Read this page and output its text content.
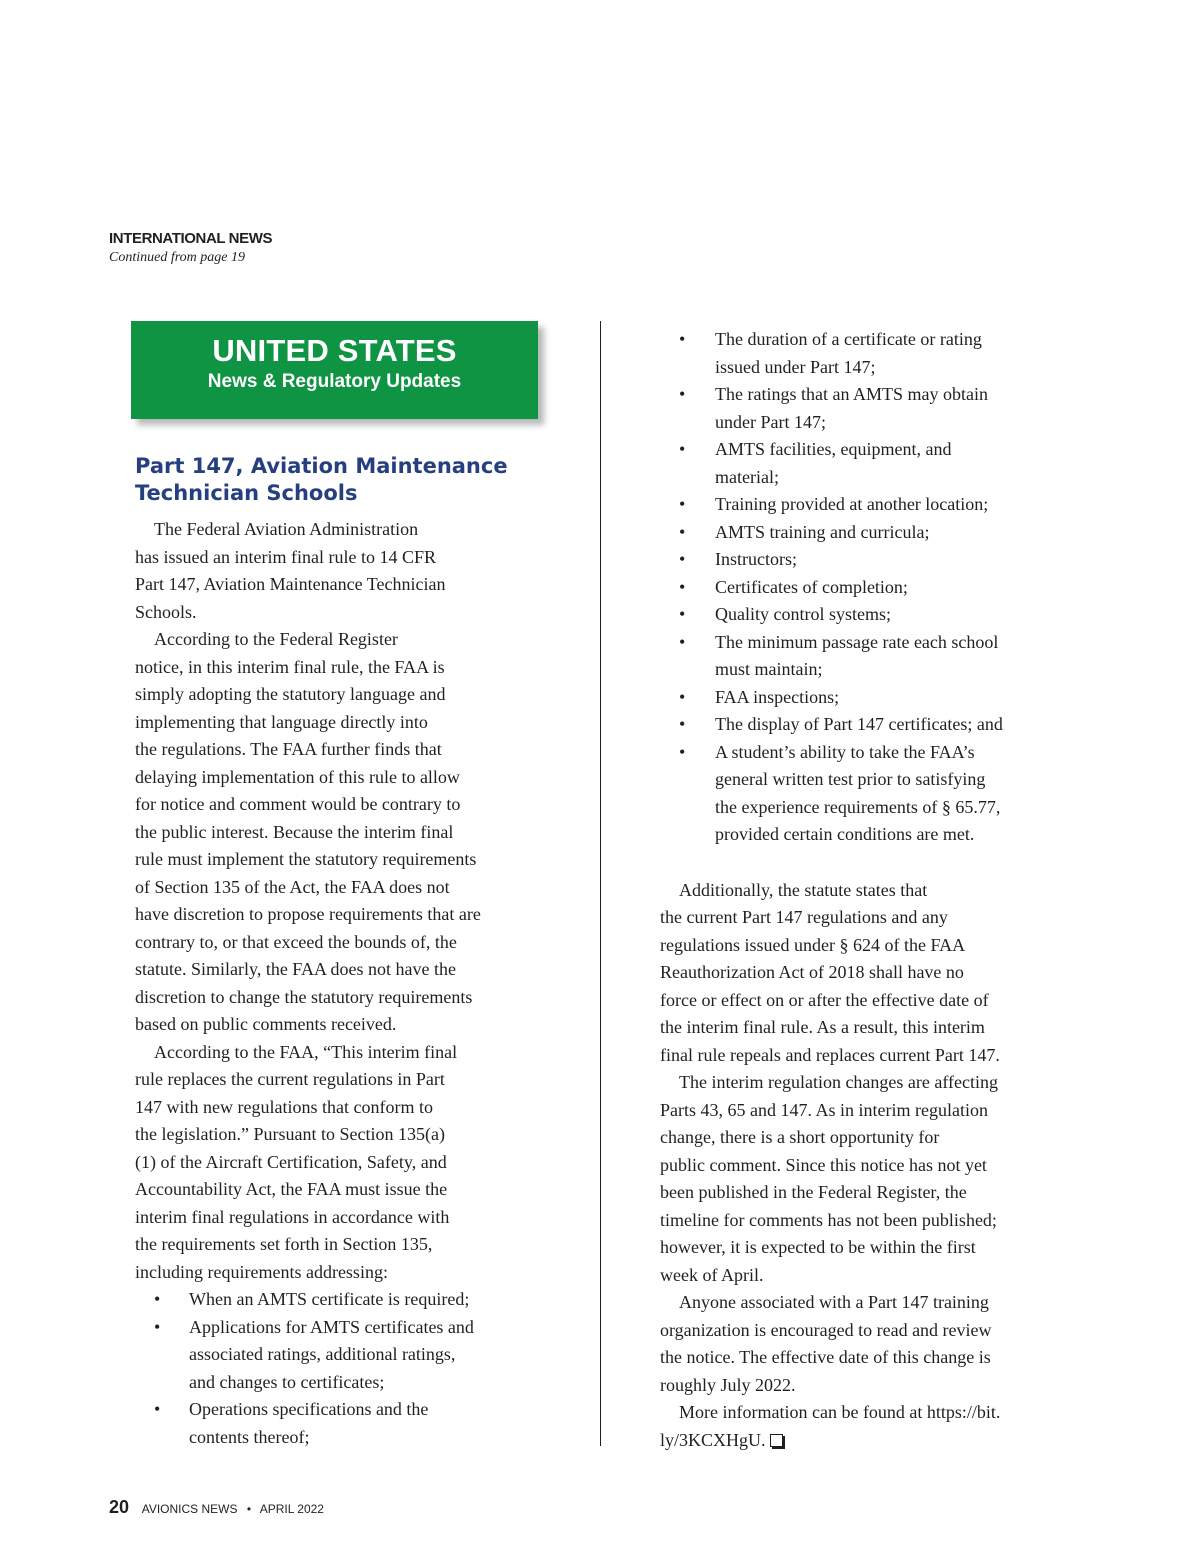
INTERNATIONAL NEWS
Continued from page 19
UNITED STATES
News & Regulatory Updates
Part 147, Aviation Maintenance
Technician Schools

The Federal Aviation Administration
has issued an interim final rule to 14 CFR
Part 147, Aviation Maintenance Technician
Schools.

According to the Federal Register
notice, in this interim final rule, the FAA is
simply adopting the statutory language and
implementing that language directly into
the regulations. The FAA further finds that
delaying implementation of this rule to allow
for notice and comment would be contrary to
the public interest. Because the interim final
rule must implement the statutory requirements
of Section 135 of the Act, the FAA does not
have discretion to propose requirements that are
contrary to, or that exceed the bounds of, the
statute. Similarly, the FAA does not have the
discretion to change the statutory requirements
based on public comments received.

According to the FAA, “This interim final
rule replaces the current regulations in Part
147 with new regulations that conform to
the legislation.” Pursuant to Section 135(a)
(1) of the Aircraft Certification, Safety, and
Accountability Act, the FAA must issue the
interim final regulations in accordance with
the requirements set forth in Section 135,
including requirements addressing:

• When an AMTS certificate is required;
• Applications for AMTS certificates and
associated ratings, additional ratings,
and changes to certificates;
• Operations specifications and the
contents thereof;
• The duration of a certificate or rating
issued under Part 147;
• The ratings that an AMTS may obtain
under Part 147;
• AMTS facilities, equipment, and
material;
• Training provided at another location;
• AMTS training and curricula;
• Instructors;
• Certificates of completion;
• Quality control systems;
• The minimum passage rate each school
must maintain;
• FAA inspections;
• The display of Part 147 certificates; and
• A student’s ability to take the FAA’s
general written test prior to satisfying
the experience requirements of § 65.77,
provided certain conditions are met.

Additionally, the statute states that
the current Part 147 regulations and any
regulations issued under § 624 of the FAA
Reauthorization Act of 2018 shall have no
force or effect on or after the effective date of
the interim final rule. As a result, this interim
final rule repeals and replaces current Part 147.

The interim regulation changes are affecting
Parts 43, 65 and 147. As in interim regulation
change, there is a short opportunity for
public comment. Since this notice has not yet
been published in the Federal Register, the
timeline for comments has not been published;
however, it is expected to be within the first
week of April.

Anyone associated with a Part 147 training
organization is encouraged to read and review
the notice. The effective date of this change is
roughly July 2022.

More information can be found at https://bit.
ly/3KCXHgU.

20 AVIONICS NEWS • APRIL 2022
